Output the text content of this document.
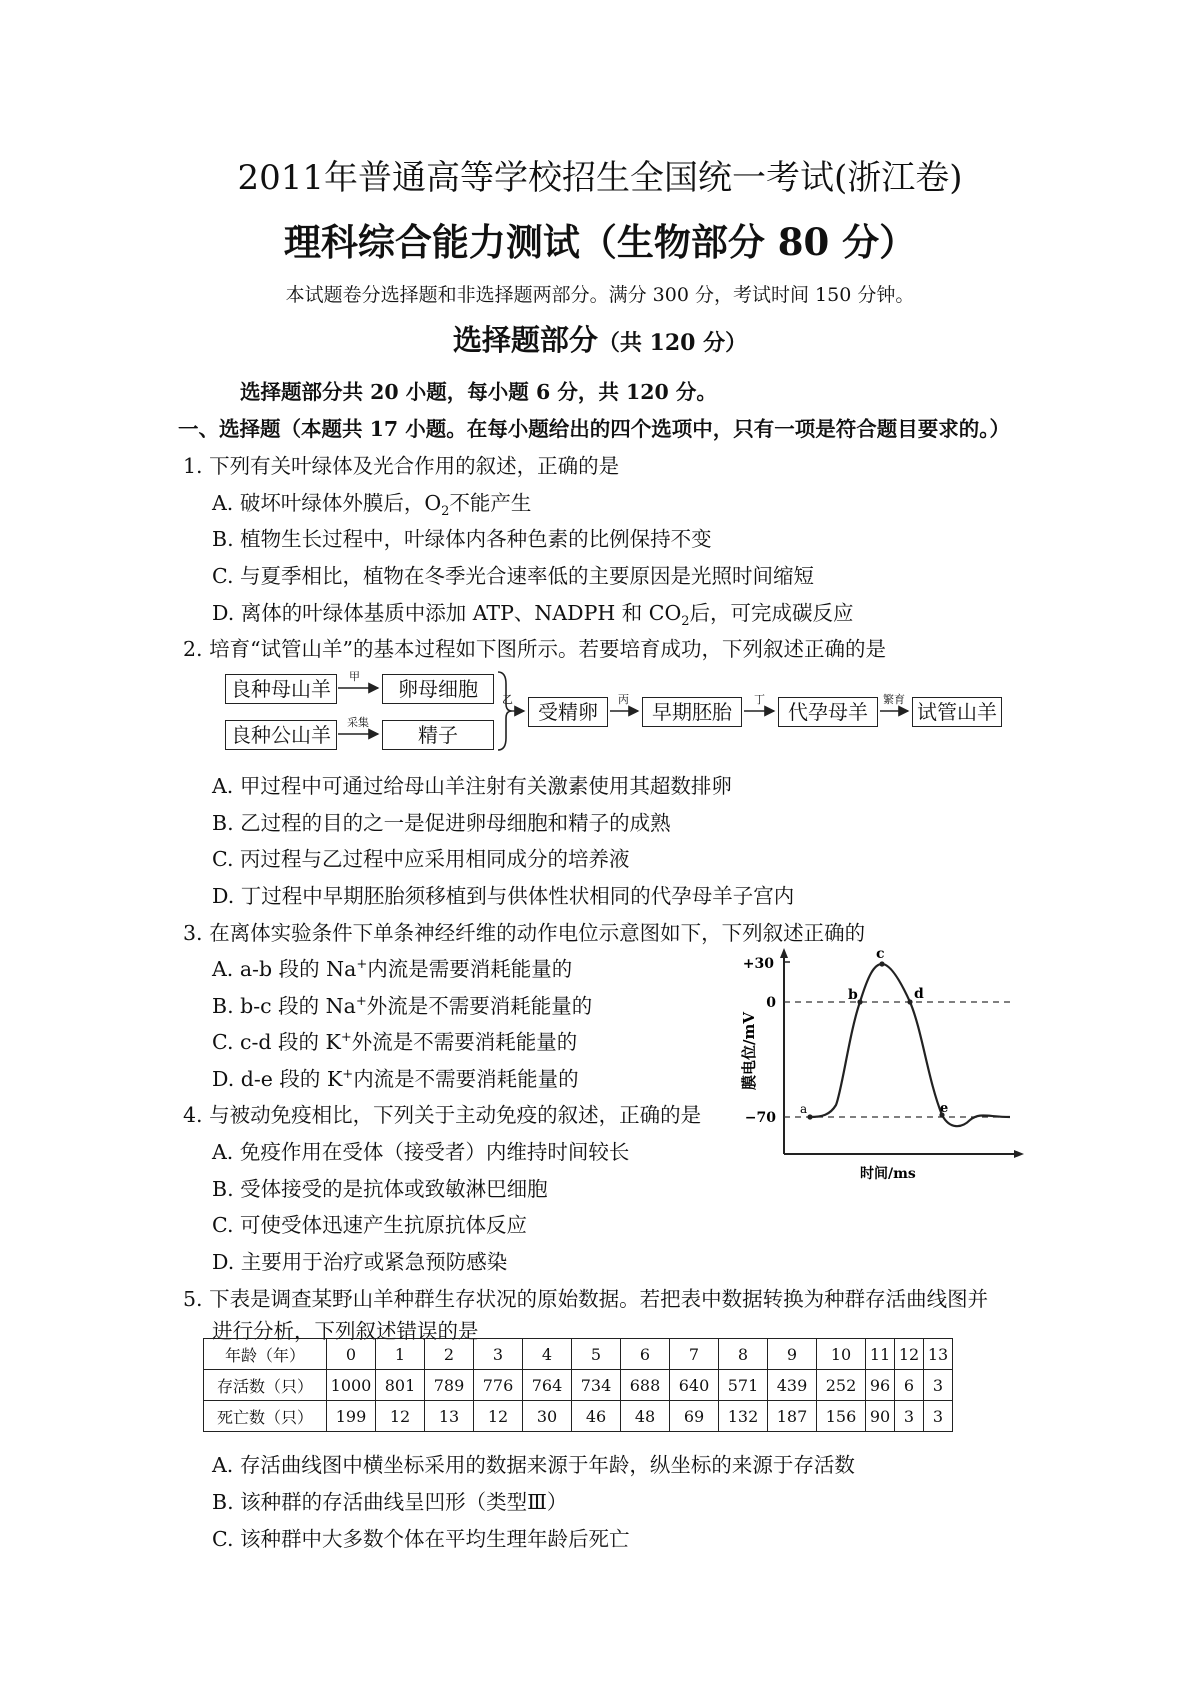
2011年普通高等学校招生全国统一考试(浙江卷)
理科综合能力测试（生物部分 80 分）
本试题卷分选择题和非选择题两部分。满分 300 分，考试时间 150 分钟。
选择题部分（共 120 分）
选择题部分共 20 小题，每小题 6 分，共 120 分。
一、选择题（本题共 17 小题。在每小题给出的四个选项中，只有一项是符合题目要求的。）
1. 下列有关叶绿体及光合作用的叙述，正确的是
A. 破坏叶绿体外膜后，$O_2$不能产生
B. 植物生长过程中，叶绿体内各种色素的比例保持不变
C. 与夏季相比，植物在冬季光合速率低的主要原因是光照时间缩短
D. 离体的叶绿体基质中添加 ATP、NADPH 和 $CO_2$后，可完成碳反应
2. 培育“试管山羊”的基本过程如下图所示。若要培育成功，下列叙述正确的是
良种母山羊	卵母细胞
良种公山羊	精子
受精卵	早期胚胎	代孕母羊	试管山羊
甲
采集
乙	丙	丁	繁育
A. 甲过程中可通过给母山羊注射有关激素使用其超数排卵
B. 乙过程的目的之一是促进卵母细胞和精子的成熟
C. 丙过程与乙过程中应采用相同成分的培养液
D. 丁过程中早期胚胎须移植到与供体性状相同的代孕母羊子宫内
3. 在离体实验条件下单条神经纤维的动作电位示意图如下，下列叙述正确的
A. a-b 段的 Na+内流是需要消耗能量的
B. b-c 段的 Na+外流是不需要消耗能量的
C. c-d 段的 K+外流是不需要消耗能量的
D. d-e 段的 K+内流是不需要消耗能量的
+30
0
−70
a
b
c
d
e
时间/ms
膜电位/mV
4. 与被动免疫相比，下列关于主动免疫的叙述，正确的是
A. 免疫作用在受体（接受者）内维持时间较长
B. 受体接受的是抗体或致敏淋巴细胞
C. 可使受体迅速产生抗原抗体反应
D. 主要用于治疗或紧急预防感染
5. 下表是调查某野山羊种群生存状况的原始数据。若把表中数据转换为种群存活曲线图并
进行分析，下列叙述错误的是
年龄（年）	0	1	2	3	4	5	6	7	8	9	10	11	12	13
存活数（只）	1000	801	789	776	764	734	688	640	571	439	252	96	6	3
死亡数（只）	199	12	13	12	30	46	48	69	132	187	156	90	3	3
A. 存活曲线图中横坐标采用的数据来源于年龄，纵坐标的来源于存活数
B. 该种群的存活曲线呈凹形（类型Ⅲ）
C. 该种群中大多数个体在平均生理年龄后死亡
